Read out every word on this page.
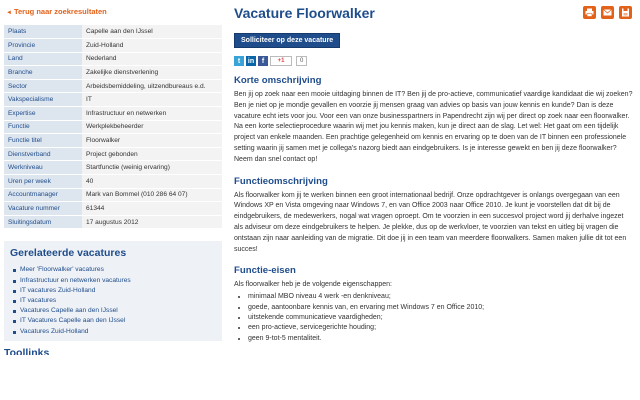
◄ Terug naar zoekresultaten
Plaats	Capelle aan den IJssel
Provincie	Zuid-Holland
Land	Nederland
Branche	Zakelijke dienstverlening
Sector	Arbeidsbemiddeling, uitzendbureaus e.d.
Vakspecialisme	IT
Expertise	Infrastructuur en netwerken
Functie	Werkplekbeheerder
Functie titel	Floorwalker
Dienstverband	Project gebonden
Werkniveau	Startfunctie (weinig ervaring)
Uren per week	40
Accountmanager	Mark van Bommel (010 286 64 07)
Vacature nummer	61344
Sluitingsdatum	17 augustus 2012
Gerelateerde vacatures
Meer 'Floorwalker' vacatures
Infrastructuur en netwerken vacatures
IT vacatures Zuid-Holland
IT vacatures
Vacatures Capelle aan den IJssel
IT Vacatures Capelle aan den IJssel
Vacatures Zuid-Holland
Toollinks
Vacature Floorwalker
Solliciteer op deze vacature
t	in	f	+1	0
Korte omschrijving

Ben jij op zoek naar een mooie uitdaging binnen de IT? Ben jij de pro-actieve, communicatief vaardige kandidaat die wij zoeken? Ben je niet op je mondje gevallen en voorzie jij mensen graag van advies op basis van jouw kennis en kunde? Dan is deze vacature echt iets voor jou. Voor een van onze businesspartners in Papendrecht zijn wij per direct op zoek naar een floorwalker. Na een korte selectieprocedure waarin wij met jou kennis maken, kun je direct aan de slag. Let wel: Het gaat om een tijdelijk project van enkele maanden. Een prachtige gelegenheid om kennis en ervaring op te doen van de IT binnen een professionele setting waarin jij samen met je collega's nazorg biedt aan eindgebruikers. Is je interesse gewekt en ben jij deze floorwalker? Neem dan snel contact op!

Functieomschrijving

Als floorwalker kom jij te werken binnen een groot internationaal bedrijf. Onze opdrachtgever is onlangs overgegaan van een Windows XP en Vista omgeving naar Windows 7, en van Office 2003 naar Office 2010. Je kunt je voorstellen dat dit bij de eindgebruikers, de medewerkers, nogal wat vragen oproept. Om te voorzien in een succesvol project word jij derhalve ingezet als adviseur om deze eindgebruikers te helpen. Je plekke, dus op de werkvloer, te voorzien van tekst en uitleg bij vragen die ontstaan zijn naar aanleiding van de migratie. Dit doe jij in een team van meerdere floorwalkers. Samen maken jullie dit tot een succes!

Functie-eisen

Als floorwalker heb je de volgende eigenschappen:

• minimaal MBO niveau 4 werk -en denkniveau;
• goede, aantoonbare kennis van, en ervaring met Windows 7 en Office 2010;
• uitstekende communicatieve vaardigheden;
• een pro-actieve, servicegerichte houding;
• geen 9-tot-5 mentaliteit.
